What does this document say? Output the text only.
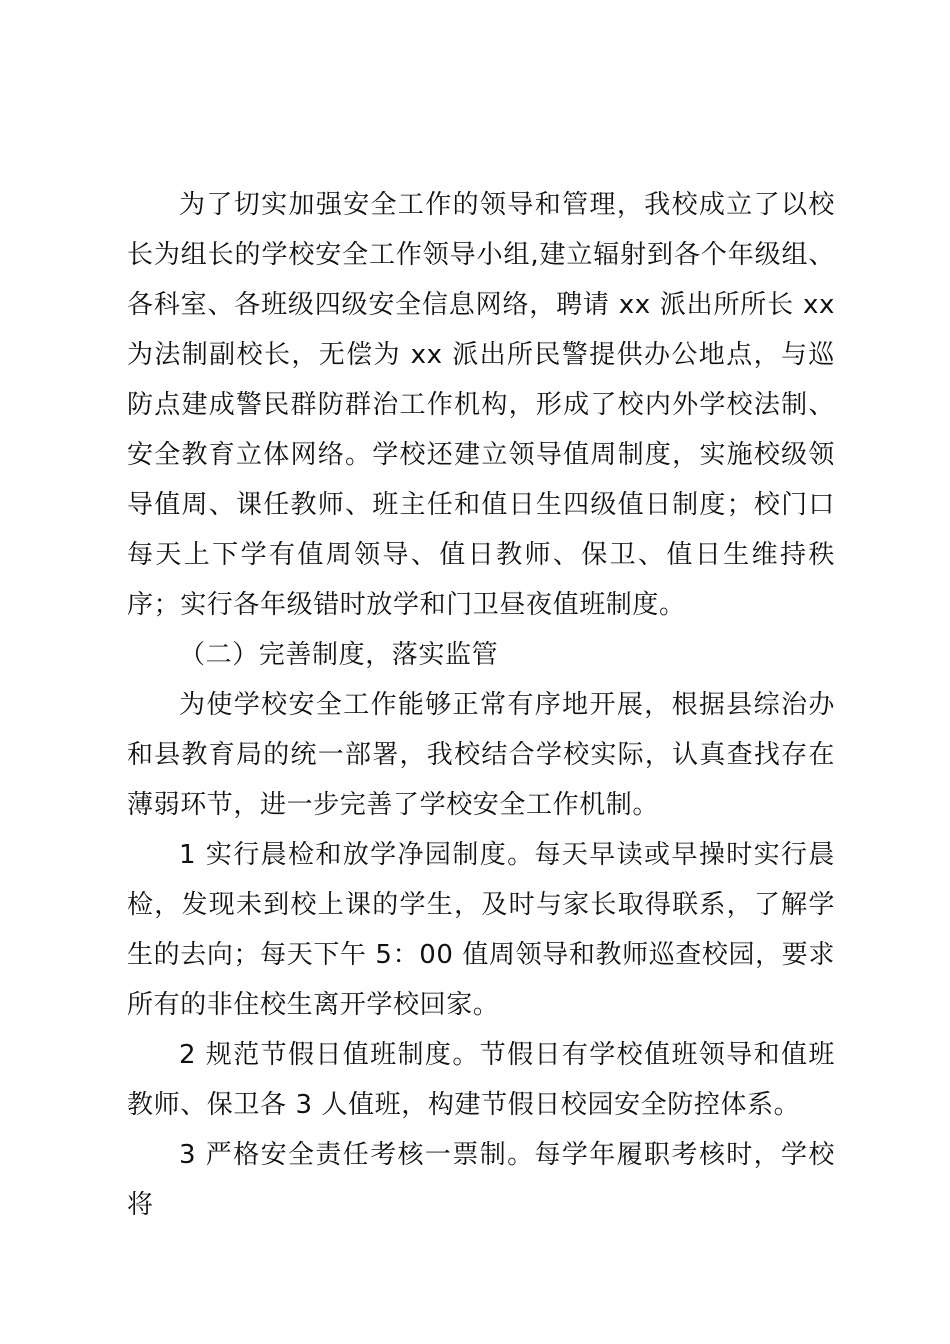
为了切实加强安全工作的领导和管理，我校成立了以校长为组长的学校安全工作领导小组,建立辐射到各个年级组、各科室、各班级四级安全信息网络，聘请 xx 派出所所长 xx 为法制副校长，无偿为 xx 派出所民警提供办公地点，与巡防点建成警民群防群治工作机构，形成了校内外学校法制、安全教育立体网络。学校还建立领导值周制度，实施校级领导值周、课任教师、班主任和值日生四级值日制度；校门口每天上下学有值周领导、值日教师、保卫、值日生维持秩序；实行各年级错时放学和门卫昼夜值班制度。

（二）完善制度，落实监管

为使学校安全工作能够正常有序地开展，根据县综治办和县教育局的统一部署，我校结合学校实际，认真查找存在薄弱环节，进一步完善了学校安全工作机制。

1 实行晨检和放学净园制度。每天早读或早操时实行晨检，发现未到校上课的学生，及时与家长取得联系，了解学生的去向；每天下午 5：00 值周领导和教师巡查校园，要求所有的非住校生离开学校回家。

2 规范节假日值班制度。节假日有学校值班领导和值班教师、保卫各 3 人值班，构建节假日校园安全防控体系。

3 严格安全责任考核一票制。每学年履职考核时，学校将
